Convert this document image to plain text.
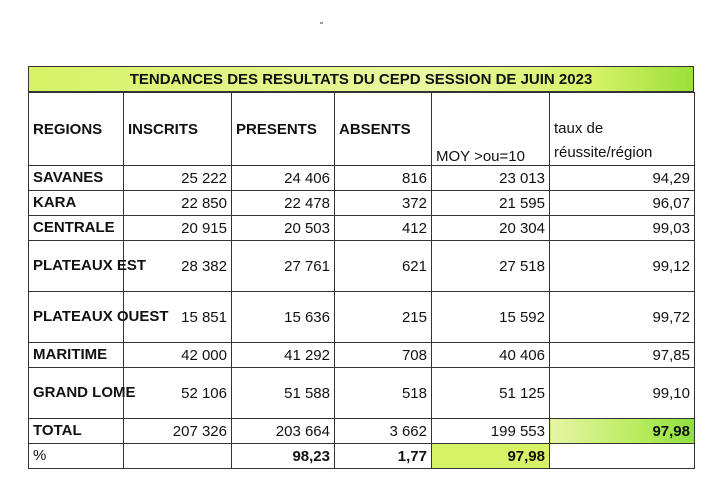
TENDANCES DES RESULTATS DU CEPD SESSION DE JUIN 2023
REGIONS	INSCRITS	PRESENTS	ABSENTS	MOY >ou=10	taux de
réussite/région
SAVANES	25 222	24 406	816	23 013	94,29
KARA	22 850	22 478	372	21 595	96,07
CENTRALE	20 915	20 503	412	20 304	99,03
PLATEAUX EST	28 382	27 761	621	27 518	99,12
PLATEAUX OUEST	15 851	15 636	215	15 592	99,72
MARITIME	42 000	41 292	708	40 406	97,85
GRAND LOME	52 106	51 588	518	51 125	99,10
TOTAL	207 326	203 664	3 662	199 553	97,98
%		98,23	1,77	97,98	
